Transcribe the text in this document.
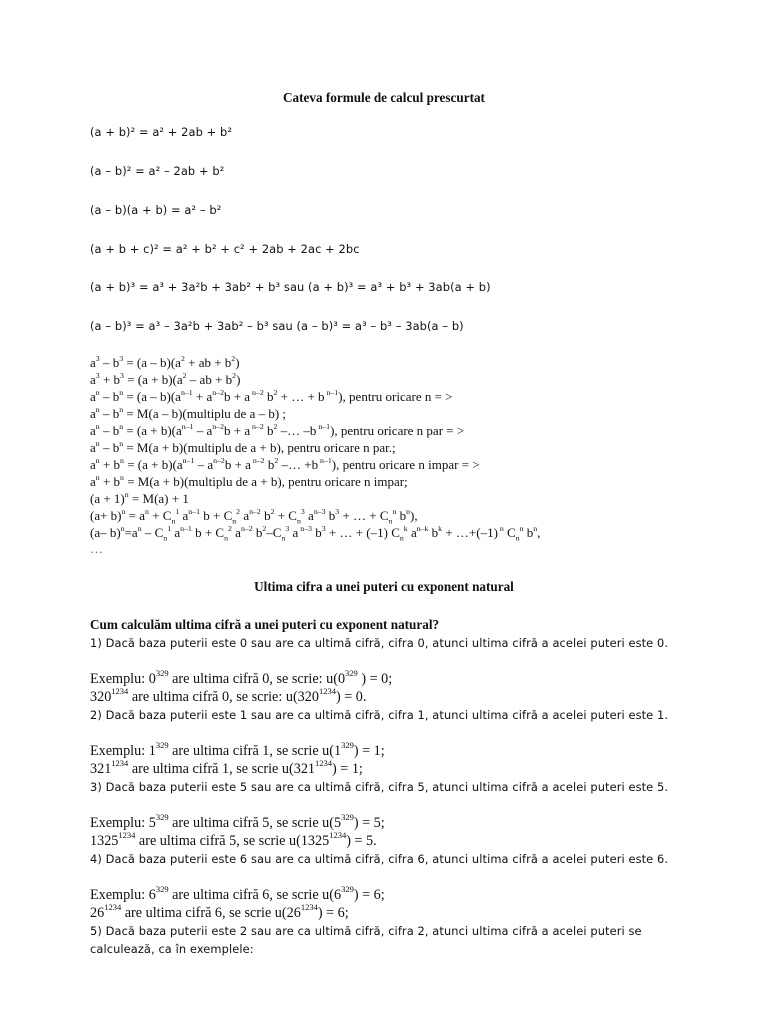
Cateva formule de calcul prescurtat
(a + b)² = a² + 2ab + b²
(a – b)² = a² – 2ab + b²
(a – b)(a + b) = a² – b²
(a + b + c)² = a² + b² + c² + 2ab + 2ac + 2bc
(a + b)³ = a³ + 3a²b + 3ab² + b³ sau (a + b)³ = a³ + b³ + 3ab(a + b)
(a – b)³ = a³ – 3a²b + 3ab² – b³ sau (a – b)³ = a³ – b³ – 3ab(a – b)
$a^3 - b^3 = (a - b)(a^2$ + ab + $b^2$)
$a^3 + b^3 = (a + b)(a^2$ – ab + $b^2$)
$a^n - b^n = (a - b)(a^{n-1} + a^{n-2}b + a$ $^{n-2}$ $b^2$ + … + b $^{n-1}$), pentru oricare n = >
$a^n - b^n = M(a$ – b)(multiplu de a – b) ;
$a^n - b^n = (a + b)(a^{n-1} - a^{n-2}b + a$ $^{n-2}$ $b^2$ –… –b $^{n-1}$), pentru oricare n par = >
$a^n - b^n = M(a$ + b)(multiplu de a + b), pentru oricare n par.;
$a^n + b^n = (a + b)(a^{n-1} - a^{n-2}b + a$ $^{n-2}$ $b^2$ –… +b $^{n-1}$), pentru oricare n impar = >
$a^n + b^n = M(a$ + b)(multiplu de a + b), pentru oricare n impar;
$(a + 1)^n = M(a) + 1$
$(a+ b)^n = a^n + C_n^1$ $a^{n-1}$ $b + C_n^2$ $a^{n-2}$ $b^2 + C_n^3$ $a^{n-3}$ $b^3$ + … + $C_n^n$ $b^n$),
(a– $b)^n=a^n - C_n^1$ $a^{n-1}$ $b + C_n^2$ $a^{n-2}$ $b^2-C_n^3$ a $^{n-3}$ $b^3$ + … + (–1) $C_n^k$ $a^{n-k}$ $b^k$ + …+(–1) $^n$ $C_n^n$ $b^n$,
…
Ultima cifra a unei puteri cu exponent natural
Cum calculăm ultima cifră a unei puteri cu exponent natural?
1) Dacă baza puterii este 0 sau are ca ultimă cifră, cifra 0, atunci ultima cifră a acelei puteri este 0.
Exemplu: $0^{329}$ are ultima cifră 0, se scrie: $u(0^{329}$ ) = 0;
$320^{1234}$ are ultima cifră 0, se scrie: $u(320^{1234}) = 0$.
2) Dacă baza puterii este 1 sau are ca ultimă cifră, cifra 1, atunci ultima cifră a acelei puteri este 1.
Exemplu: $1^{329}$ are ultima cifră 1, se scrie $u(1^{329}) = 1$;
$321^{1234}$ are ultima cifră 1, se scrie $u(321^{1234}) = 1$;
3) Dacă baza puterii este 5 sau are ca ultimă cifră, cifra 5, atunci ultima cifră a acelei puteri este 5.
Exemplu: $5^{329}$ are ultima cifră 5, se scrie $u(5^{329}) = 5$;
$1325^{1234}$ are ultima cifră 5, se scrie $u(1325^{1234}) = 5$.
4) Dacă baza puterii este 6 sau are ca ultimă cifră, cifra 6, atunci ultima cifră a acelei puteri este 6.
Exemplu: $6^{329}$ are ultima cifră 6, se scrie $u(6^{329}) = 6$;
$26^{1234}$ are ultima cifră 6, se scrie $u(26^{1234}) = 6$;
5) Dacă baza puterii este 2 sau are ca ultimă cifră, cifra 2, atunci ultima cifră a acelei puteri se
calculează, ca în exemplele:
